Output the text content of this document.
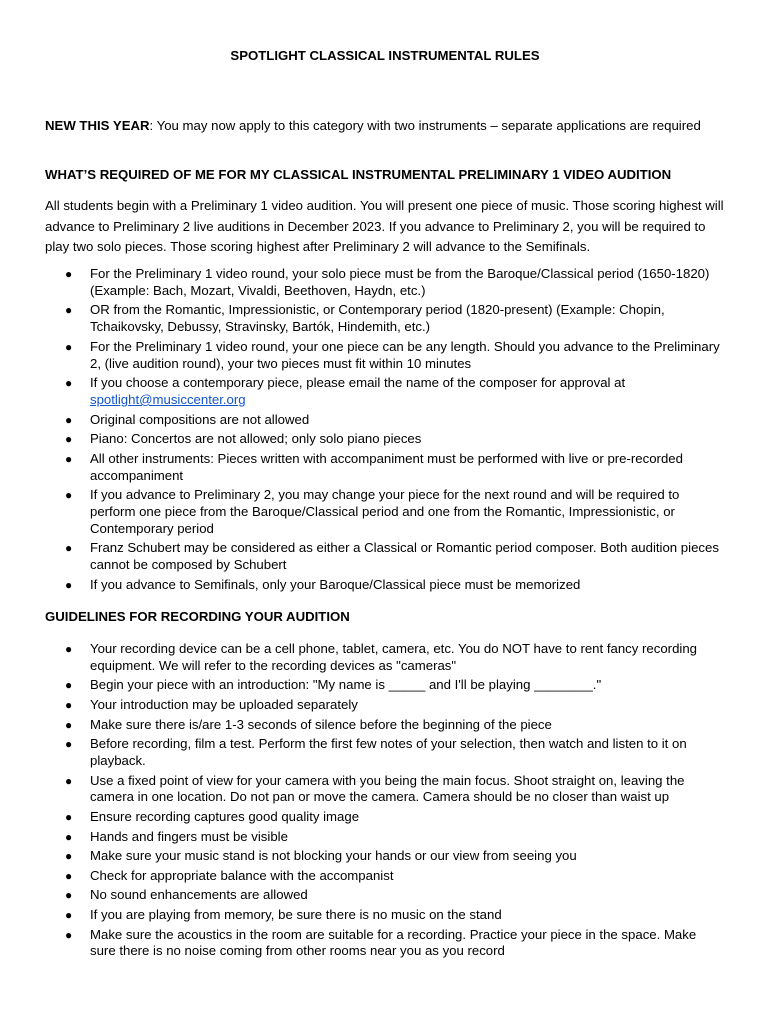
SPOTLIGHT CLASSICAL INSTRUMENTAL RULES
NEW THIS YEAR: You may now apply to this category with two instruments – separate applications are required
WHAT’S REQUIRED OF ME FOR MY CLASSICAL INSTRUMENTAL PRELIMINARY 1 VIDEO AUDITION
All students begin with a Preliminary 1 video audition. You will present one piece of music. Those scoring highest will advance to Preliminary 2 live auditions in December 2023. If you advance to Preliminary 2, you will be required to play two solo pieces. Those scoring highest after Preliminary 2 will advance to the Semifinals.
● For the Preliminary 1 video round, your solo piece must be from the Baroque/Classical period (1650-1820) (Example: Bach, Mozart, Vivaldi, Beethoven, Haydn, etc.)
● OR from the Romantic, Impressionistic, or Contemporary period (1820-present) (Example: Chopin, Tchaikovsky, Debussy, Stravinsky, Bartók, Hindemith, etc.)
● For the Preliminary 1 video round, your one piece can be any length. Should you advance to the Preliminary 2, (live audition round), your two pieces must fit within 10 minutes
● If you choose a contemporary piece, please email the name of the composer for approval at spotlight@musiccenter.org
● Original compositions are not allowed
● Piano: Concertos are not allowed; only solo piano pieces
● All other instruments: Pieces written with accompaniment must be performed with live or pre-recorded accompaniment
● If you advance to Preliminary 2, you may change your piece for the next round and will be required to perform one piece from the Baroque/Classical period and one from the Romantic, Impressionistic, or Contemporary period
● Franz Schubert may be considered as either a Classical or Romantic period composer. Both audition pieces cannot be composed by Schubert
● If you advance to Semifinals, only your Baroque/Classical piece must be memorized
GUIDELINES FOR RECORDING YOUR AUDITION
● Your recording device can be a cell phone, tablet, camera, etc. You do NOT have to rent fancy recording equipment. We will refer to the recording devices as "cameras"
● Begin your piece with an introduction: "My name is _____ and I'll be playing ________."
● Your introduction may be uploaded separately
● Make sure there is/are 1-3 seconds of silence before the beginning of the piece
● Before recording, film a test. Perform the first few notes of your selection, then watch and listen to it on playback.
● Use a fixed point of view for your camera with you being the main focus. Shoot straight on, leaving the camera in one location. Do not pan or move the camera. Camera should be no closer than waist up
● Ensure recording captures good quality image
● Hands and fingers must be visible
● Make sure your music stand is not blocking your hands or our view from seeing you
● Check for appropriate balance with the accompanist
● No sound enhancements are allowed
● If you are playing from memory, be sure there is no music on the stand
● Make sure the acoustics in the room are suitable for a recording. Practice your piece in the space. Make sure there is no noise coming from other rooms near you as you record
